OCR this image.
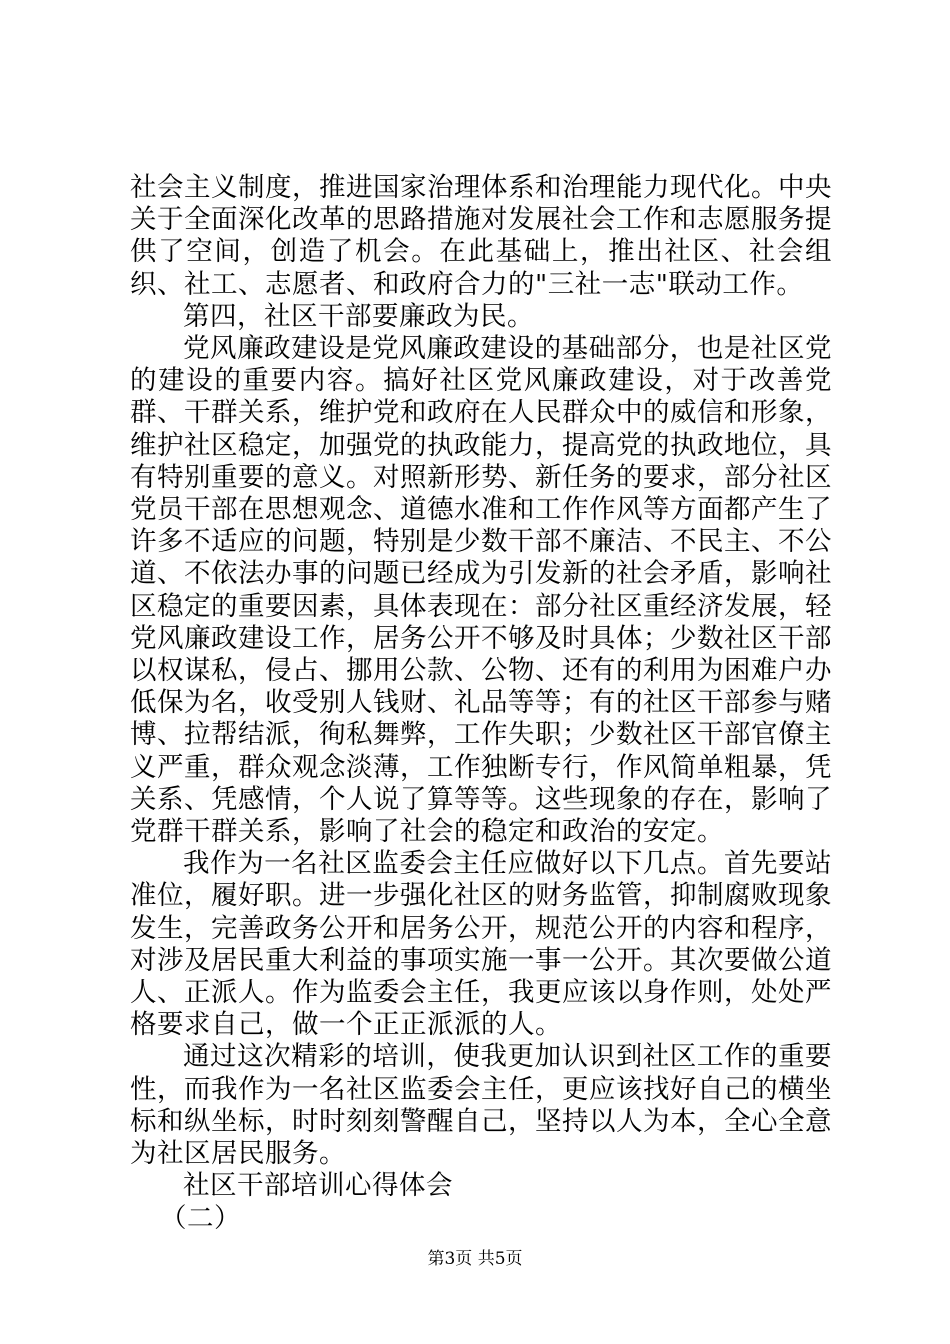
社会主义制度，推进国家治理体系和治理能力现代化。中央关于全面深化改革的思路措施对发展社会工作和志愿服务提供了空间，创造了机会。在此基础上，推出社区、社会组织、社工、志愿者、和政府合力的"三社一志"联动工作。

第四，社区干部要廉政为民。

党风廉政建设是党风廉政建设的基础部分，也是社区党的建设的重要内容。搞好社区党风廉政建设，对于改善党群、干群关系，维护党和政府在人民群众中的威信和形象，维护社区稳定，加强党的执政能力，提高党的执政地位，具有特别重要的意义。对照新形势、新任务的要求，部分社区党员干部在思想观念、道德水准和工作作风等方面都产生了许多不适应的问题，特别是少数干部不廉洁、不民主、不公道、不依法办事的问题已经成为引发新的社会矛盾，影响社区稳定的重要因素，具体表现在：部分社区重经济发展，轻党风廉政建设工作，居务公开不够及时具体；少数社区干部以权谋私，侵占、挪用公款、公物、还有的利用为困难户办低保为名，收受别人钱财、礼品等等；有的社区干部参与赌博、拉帮结派，徇私舞弊，工作失职；少数社区干部官僚主义严重，群众观念淡薄，工作独断专行，作风简单粗暴，凭关系、凭感情，个人说了算等等。这些现象的存在，影响了党群干群关系，影响了社会的稳定和政治的安定。

我作为一名社区监委会主任应做好以下几点。首先要站准位，履好职。进一步强化社区的财务监管，抑制腐败现象发生，完善政务公开和居务公开，规范公开的内容和程序，对涉及居民重大利益的事项实施一事一公开。其次要做公道人、正派人。作为监委会主任，我更应该以身作则，处处严格要求自己，做一个正正派派的人。

通过这次精彩的培训，使我更加认识到社区工作的重要性，而我作为一名社区监委会主任，更应该找好自己的横坐标和纵坐标，时时刻刻警醒自己，坚持以人为本，全心全意为社区居民服务。

社区干部培训心得体会

（二）

第3页 共5页
